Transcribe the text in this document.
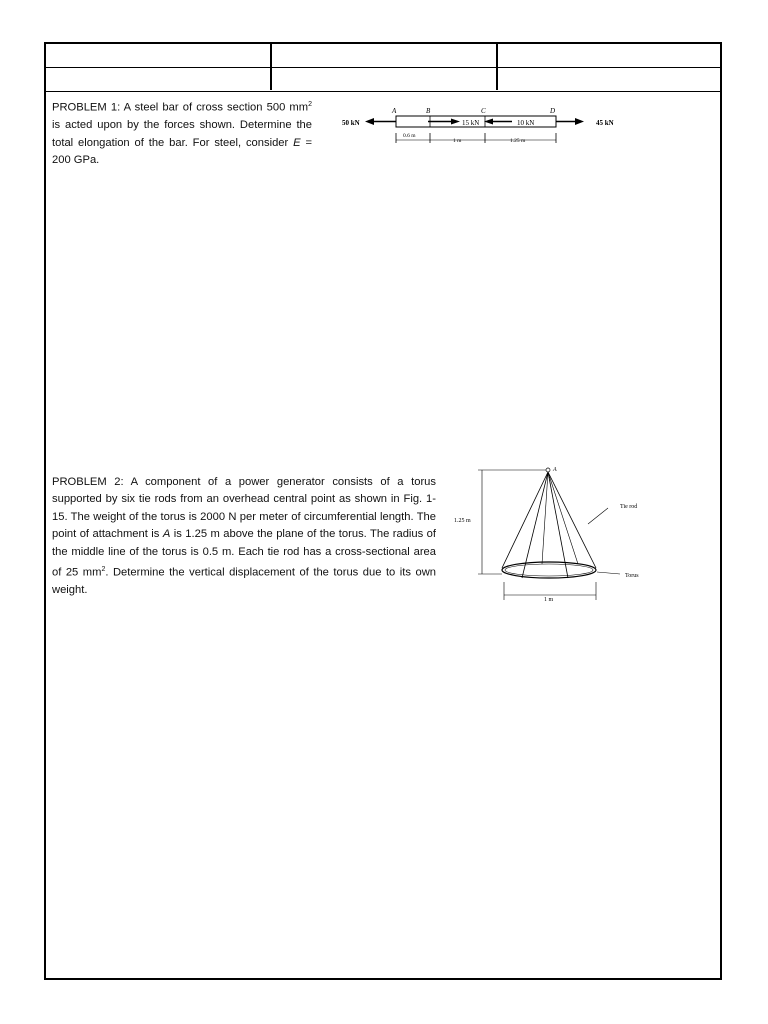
PROBLEM 1: A steel bar of cross section 500 $mm^2$ is acted upon by the forces shown. Determine the total elongation of the bar. For steel, consider E = 200 GPa.
A	B	C	D
50 kN	15 kN	10 kN	45 kN
0.6 m
1 m	1.25 m
PROBLEM 2: A component of a power generator consists of a torus supported by six tie rods from an overhead central point as shown in Fig. 1-15. The weight of the torus is 2000 N per meter of circumferential length. The point of attachment is A is 1.25 m above the plane of the torus. The radius of the middle line of the torus is 0.5 m. Each tie rod has a cross-sectional area of 25 $mm^2$. Determine the vertical displacement of the torus due to its own weight.
1.25 m
A
Tie rod
Torus
1 m
